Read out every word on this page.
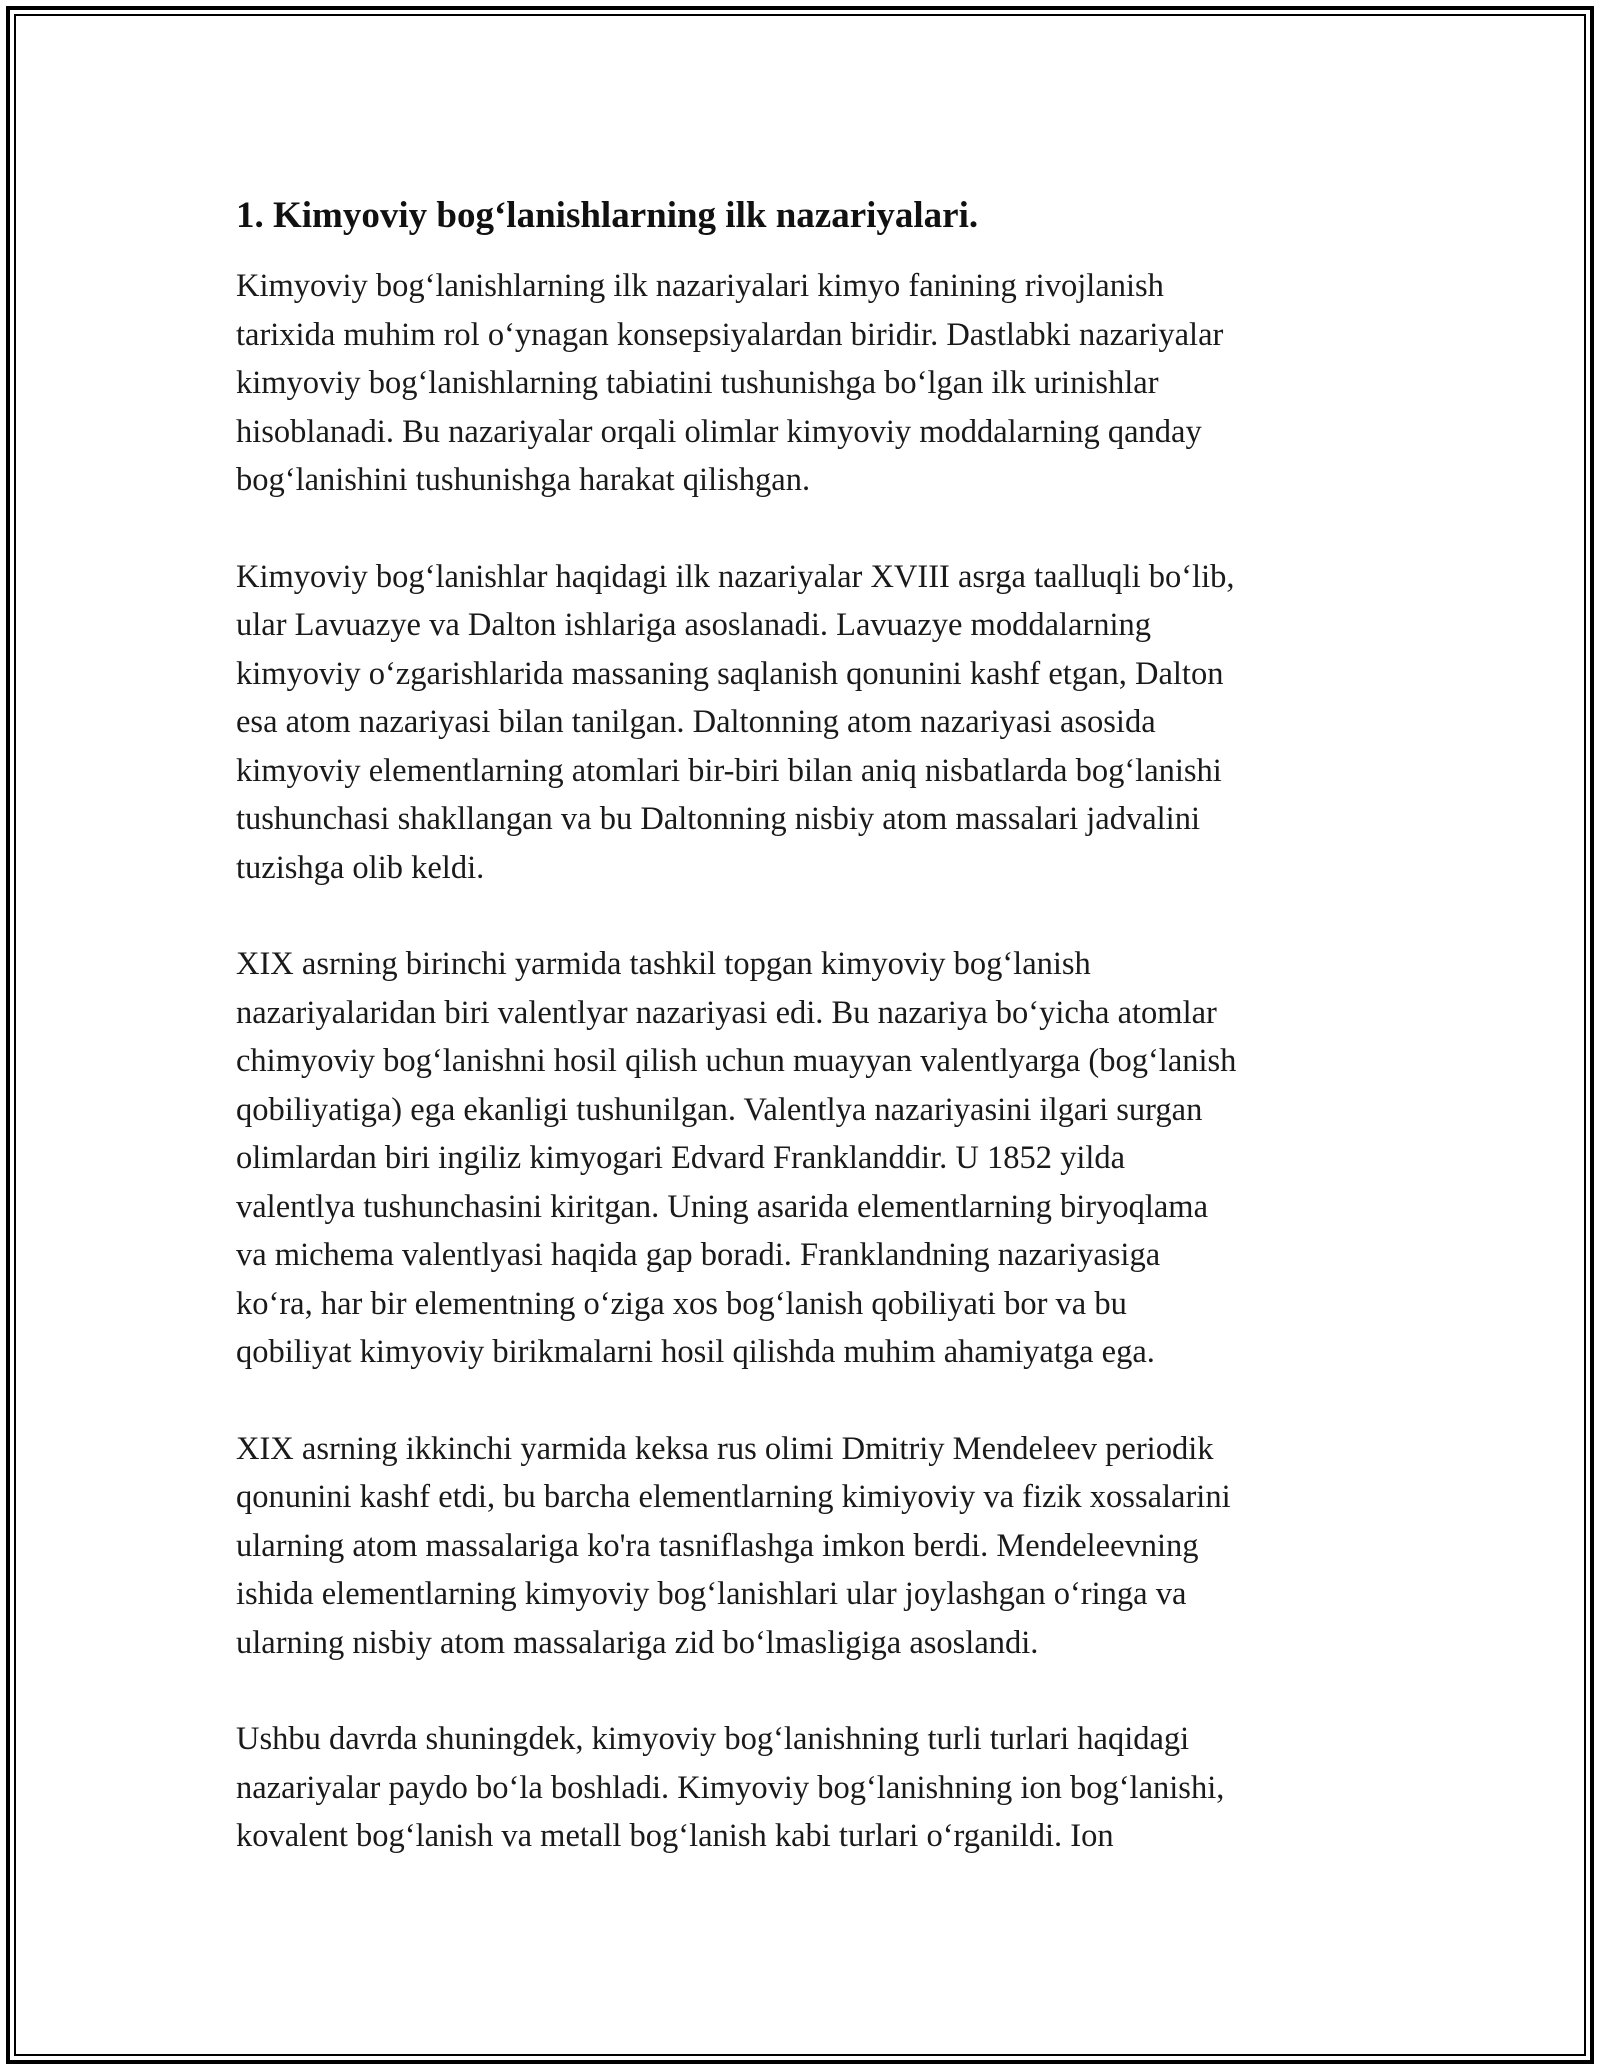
1. Kimyoviy bog‘lanishlarning ilk nazariyalari.

Kimyoviy bog‘lanishlarning ilk nazariyalari kimyo fanining rivojlanish
tarixida muhim rol o‘ynagan konsepsiyalardan biridir. Dastlabki nazariyalar
kimyoviy bog‘lanishlarning tabiatini tushunishga bo‘lgan ilk urinishlar
hisoblanadi. Bu nazariyalar orqali olimlar kimyoviy moddalarning qanday
bog‘lanishini tushunishga harakat qilishgan.

Kimyoviy bog‘lanishlar haqidagi ilk nazariyalar XVIII asrga taalluqli bo‘lib,
ular Lavuazye va Dalton ishlariga asoslanadi. Lavuazye moddalarning
kimyoviy o‘zgarishlarida massaning saqlanish qonunini kashf etgan, Dalton
esa atom nazariyasi bilan tanilgan. Daltonning atom nazariyasi asosida
kimyoviy elementlarning atomlari bir-biri bilan aniq nisbatlarda bog‘lanishi
tushunchasi shakllangan va bu Daltonning nisbiy atom massalari jadvalini
tuzishga olib keldi.

XIX asrning birinchi yarmida tashkil topgan kimyoviy bog‘lanish
nazariyalaridan biri valentlyar nazariyasi edi. Bu nazariya bo‘yicha atomlar
chimyoviy bog‘lanishni hosil qilish uchun muayyan valentlyarga (bog‘lanish
qobiliyatiga) ega ekanligi tushunilgan. Valentlya nazariyasini ilgari surgan
olimlardan biri ingiliz kimyogari Edvard Franklanddir. U 1852 yilda
valentlya tushunchasini kiritgan. Uning asarida elementlarning biryoqlama
va michema valentlyasi haqida gap boradi. Franklandning nazariyasiga
ko‘ra, har bir elementning o‘ziga xos bog‘lanish qobiliyati bor va bu
qobiliyat kimyoviy birikmalarni hosil qilishda muhim ahamiyatga ega.

XIX asrning ikkinchi yarmida keksa rus olimi Dmitriy Mendeleev periodik
qonunini kashf etdi, bu barcha elementlarning kimiyoviy va fizik xossalarini
ularning atom massalariga ko'ra tasniflashga imkon berdi. Mendeleevning
ishida elementlarning kimyoviy bog‘lanishlari ular joylashgan o‘ringa va
ularning nisbiy atom massalariga zid bo‘lmasligiga asoslandi.

Ushbu davrda shuningdek, kimyoviy bog‘lanishning turli turlari haqidagi
nazariyalar paydo bo‘la boshladi. Kimyoviy bog‘lanishning ion bog‘lanishi,
kovalent bog‘lanish va metall bog‘lanish kabi turlari o‘rganildi. Ion
